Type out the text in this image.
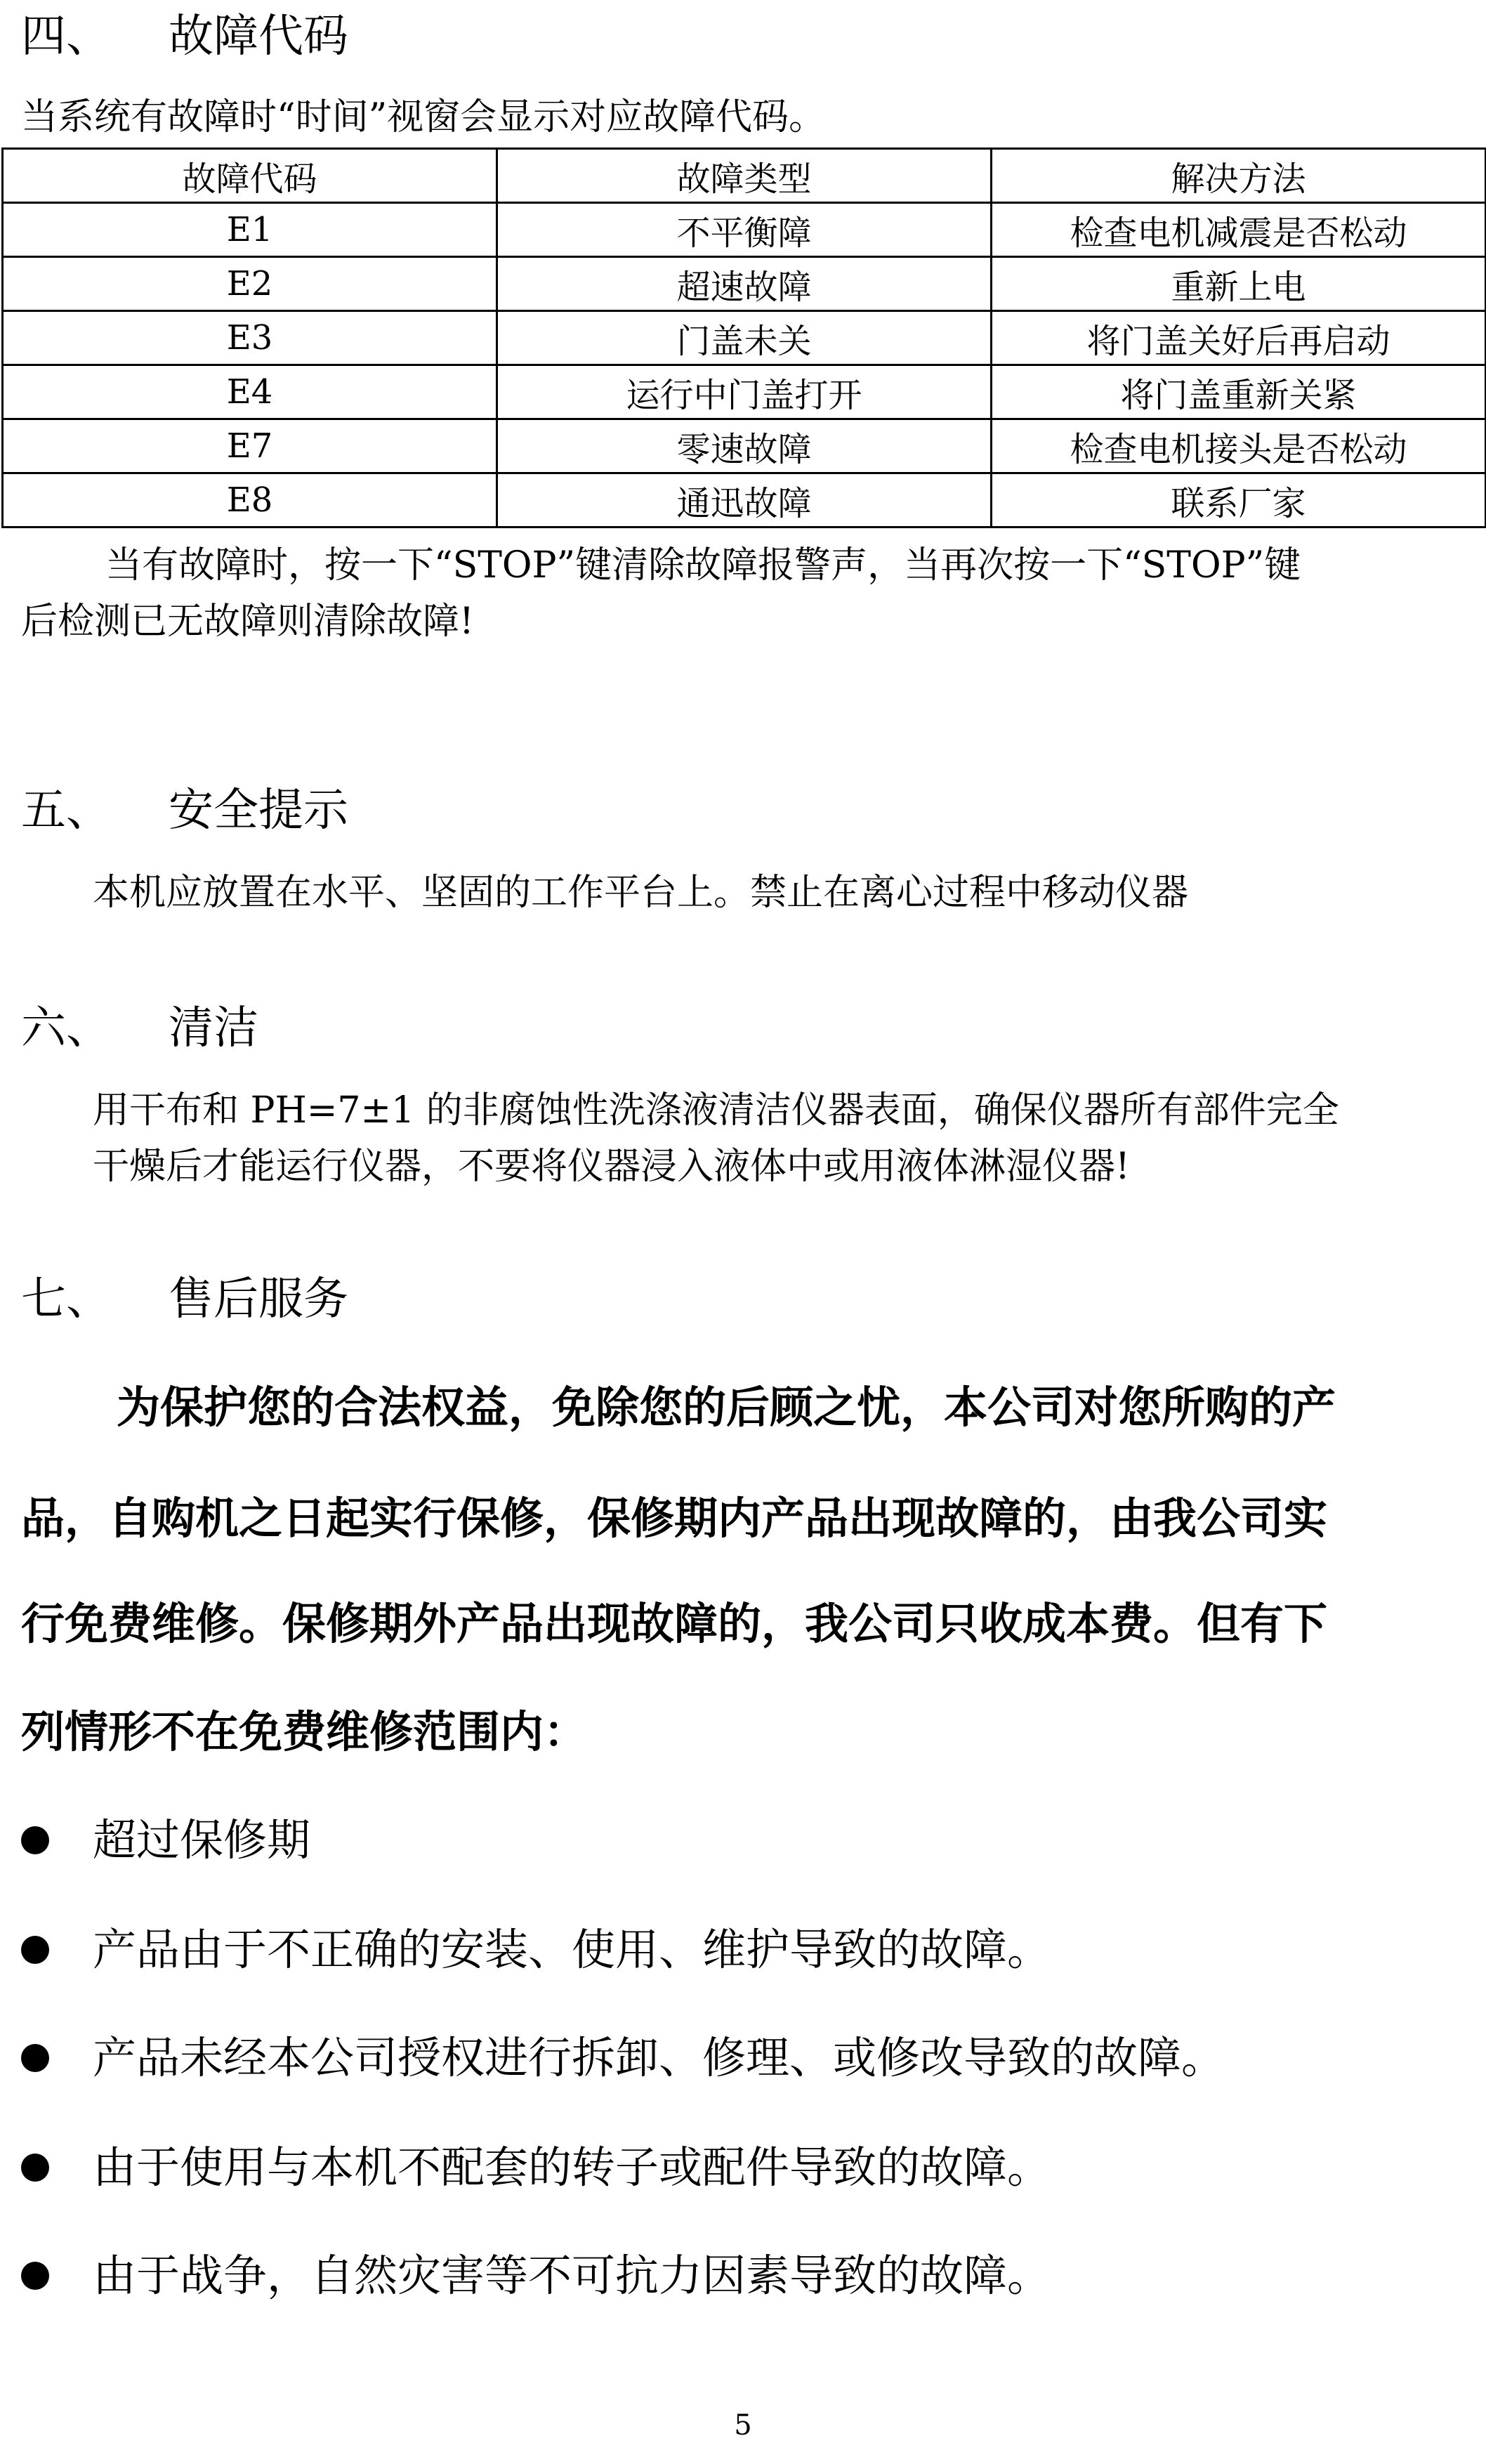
四、 故障代码
当系统有故障时“时间”视窗会显示对应故障代码。
故障代码	故障类型	解决方法
E1	不平衡障	检查电机减震是否松动
E2	超速故障	重新上电
E3	门盖未关	将门盖关好后再启动
E4	运行中门盖打开	将门盖重新关紧
E7	零速故障	检查电机接头是否松动
E8	通迅故障	联系厂家
当有故障时，按一下“STOP”键清除故障报警声，当再次按一下“STOP”键
后检测已无故障则清除故障!
五、 安全提示
本机应放置在水平、坚固的工作平台上。禁止在离心过程中移动仪器
六、 清洁
用干布和 PH=7±1 的非腐蚀性洗涤液清洁仪器表面，确保仪器所有部件完全
干燥后才能运行仪器，不要将仪器浸入液体中或用液体淋湿仪器!
七、 售后服务
为保护您的合法权益，免除您的后顾之忧，本公司对您所购的产
品，自购机之日起实行保修，保修期内产品出现故障的，由我公司实
行免费维修。保修期外产品出现故障的，我公司只收成本费。但有下
列情形不在免费维修范围内：
超过保修期
产品由于不正确的安装、使用、维护导致的故障。
产品未经本公司授权进行拆卸、修理、或修改导致的故障。
由于使用与本机不配套的转子或配件导致的故障。
由于战争，自然灾害等不可抗力因素导致的故障。
5
